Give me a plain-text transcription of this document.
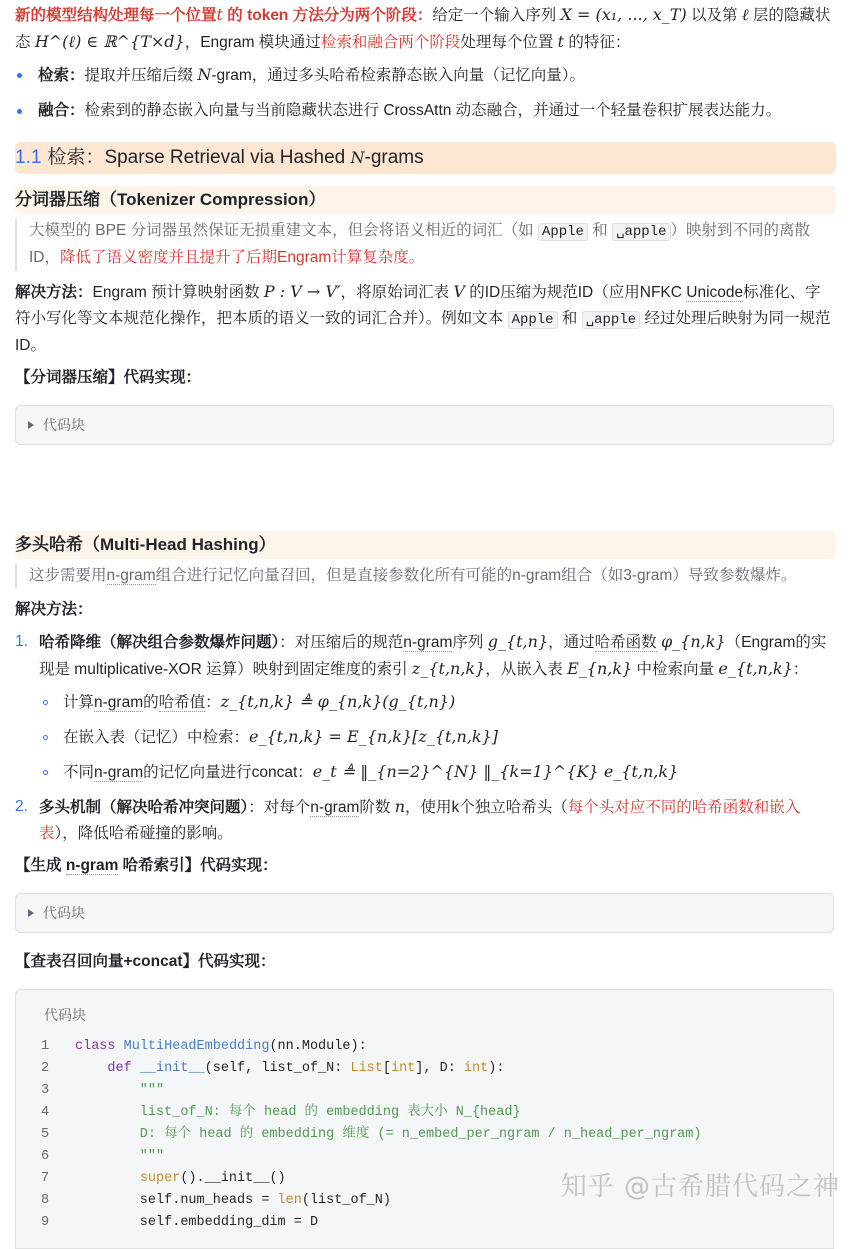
新的模型结构处理每一个位置t 的 token 方法分为两个阶段：给定一个输入序列 X = (x₁, ..., x_T) 以及第 ℓ 层的隐藏状态 H^(ℓ) ∈ ℝ^{T×d}，Engram 模块通过检索和融合两个阶段处理每个位置 t 的特征：
检索：提取并压缩后缀 N-gram，通过多头哈希检索静态嵌入向量（记忆向量）。
融合：检索到的静态嵌入向量与当前隐藏状态进行 CrossAttn 动态融合，并通过一个轻量卷积扩展表达能力。
1.1 检索：Sparse Retrieval via Hashed N-grams
分词器压缩（Tokenizer Compression）
大模型的 BPE 分词器虽然保证无损重建文本，但会将语义相近的词汇（如 Apple 和 ␣apple ）映射到不同的离散ID，降低了语义密度并且提升了后期Engram计算复杂度。
解决方法：Engram 预计算映射函数 P : V → V′，将原始词汇表 V 的ID压缩为规范ID（应用NFKC Unicode标准化、字符小写化等文本规范化操作，把本质的语义一致的词汇合并）。例如文本 Apple 和 ␣apple 经过处理后映射为同一规范ID。
【分词器压缩】代码实现：
代码块
多头哈希（Multi-Head Hashing）
这步需要用n-gram组合进行记忆向量召回，但是直接参数化所有可能的n-gram组合（如3-gram）导致参数爆炸。
解决方法：
1. 哈希降维（解决组合参数爆炸问题）：对压缩后的规范n-gram序列 g_{t,n}，通过哈希函数 φ_{n,k}（Engram的实现是 multiplicative-XOR 运算）映射到固定维度的索引 z_{t,n,k}，从嵌入表 E_{n,k} 中检索向量 e_{t,n,k}：
计算n-gram的哈希值：z_{t,n,k} ≜ φ_{n,k}(g_{t,n})
在嵌入表（记忆）中检索：e_{t,n,k} = E_{n,k}[z_{t,n,k}]
不同n-gram的记忆向量进行concat：e_t ≜ ‖_{n=2}^{N} ‖_{k=1}^{K} e_{t,n,k}
2. 多头机制（解决哈希冲突问题）：对每个n-gram阶数 n，使用k个独立哈希头（每个头对应不同的哈希函数和嵌入表），降低哈希碰撞的影响。
【生成 n-gram 哈希索引】代码实现：
代码块
【查表召回向量+concat】代码实现：
代码块
1	class MultiHeadEmbedding(nn.Module):
2	def __init__(self, list_of_N: List[int], D: int):
3	"""
4	list_of_N: 每个 head 的 embedding 表大小 N_{head}
5	D: 每个 head 的 embedding 维度 (= n_embed_per_ngram / n_head_per_ngram)
6	"""
7	super().__init__()
8	self.num_heads = len(list_of_N)
9	self.embedding_dim = D
知乎 @古希腊代码之神
